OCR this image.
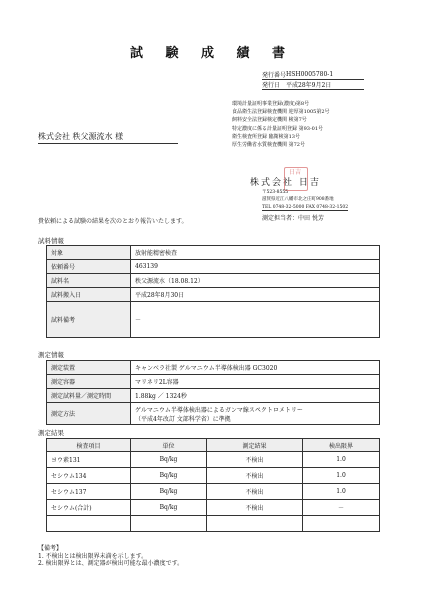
試 験 成 績 書
発行番号 HSH0005780-1
発行日 平成28年9月2日
環境計量証明事業登録(濃度)第8号
食品衛生法登録検査機関 迎厚第1005第2号
飼料安全法登録検定機関 検第7号
特定濃度に係る計量証明登録 第93-01号
衛生検査所登録 臨衛検第13号
厚生労働省水質検査機関 第72号
株式会社 秩父源流水 様
株式会社 日吉
日吉
〒523-8555
滋賀県近江八幡市北之庄町908番地
TEL 0748-32-5000 FAX 0748-32-1502
測定担当者：中田 悦芳
貴依頼による試験の結果を次のとおり報告いたします。
試料情報
対象	放射能精密検査
依頼番号	463139
試料名	秩父源流水（18.08.12）
試料搬入日	平成28年8月30日
試料備考	－
測定情報
測定装置	キャンベラ社製 ゲルマニウム半導体検出器 GC3020
測定容器	マリネリ2L容器
測定試料量／測定時間	1.88kg ／ 1324秒
測定方法	ゲルマニウム半導体検出器によるガンマ線スペクトロメトリー
（平成4年改訂 文部科学省）に準拠
測定結果
検査項目	単位	測定結果	検出限界
ヨウ素131	Bq/kg	不検出	1.0
セシウム134	Bq/kg	不検出	1.0
セシウム137	Bq/kg	不検出	1.0
セシウム(合計)	Bq/kg	不検出	－

【備考】
1. 不検出とは検出限界未満を示します。
2. 検出限界とは、測定器が検出可能な最小濃度です。
